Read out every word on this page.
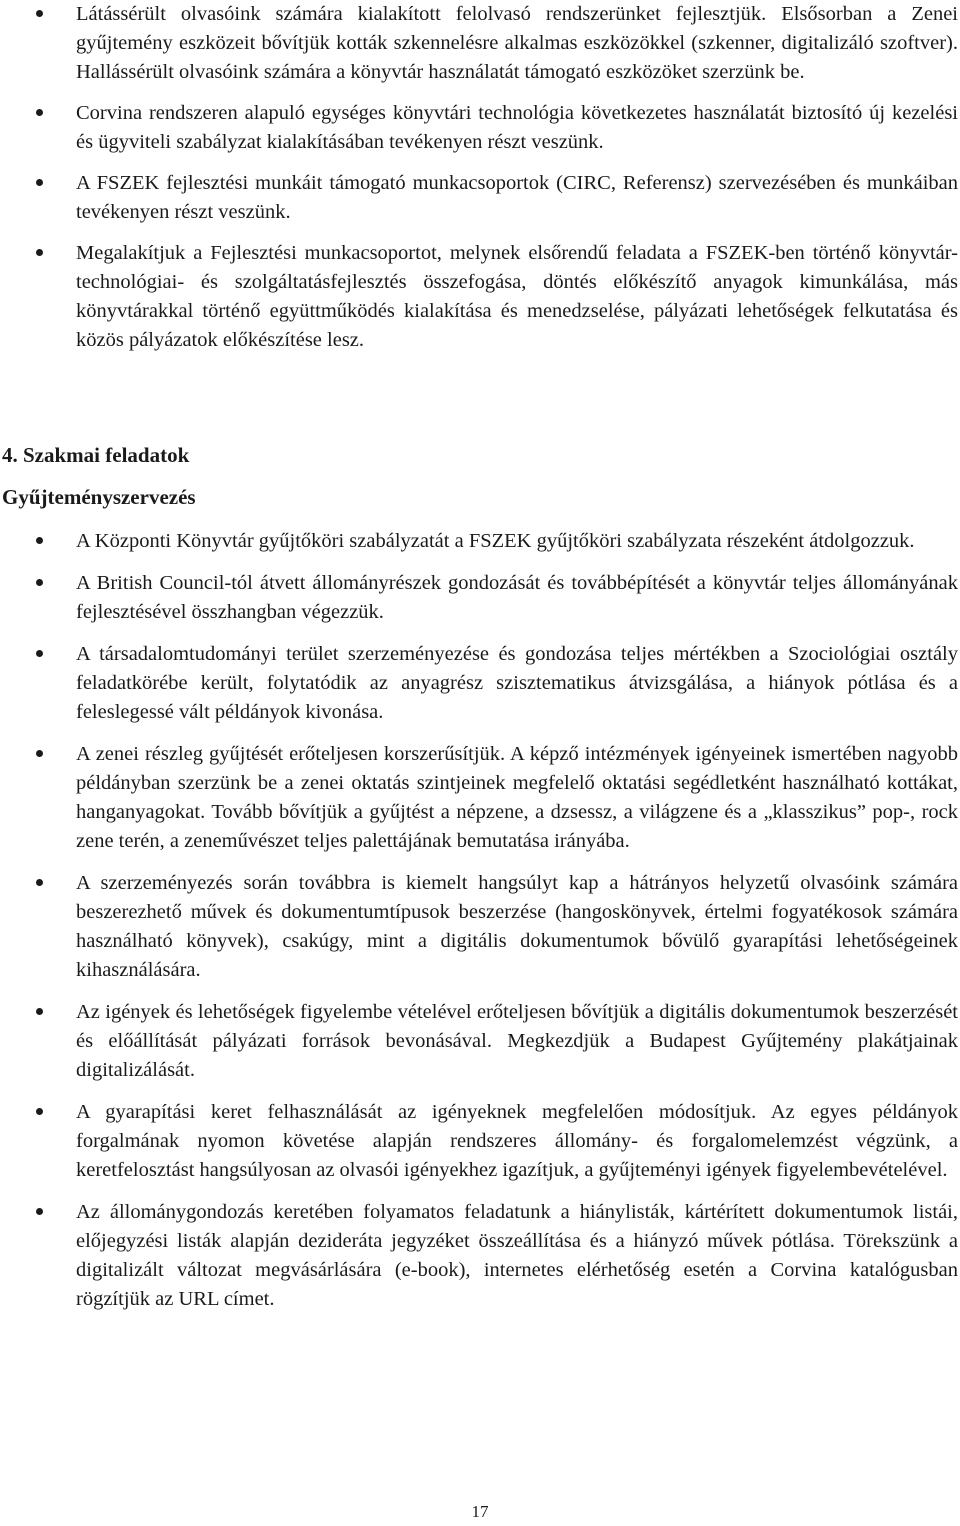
Látássérült olvasóink számára kialakított felolvasó rendszerünket fejlesztjük. Elsősorban a Zenei gyűjtemény eszközeit bővítjük kották szkennelésre alkalmas eszközökkel (szkenner, digitalizáló szoftver). Hallássérült olvasóink számára a könyvtár használatát támogató eszközöket szerzünk be.
Corvina rendszeren alapuló egységes könyvtári technológia következetes használatát biztosító új kezelési és ügyviteli szabályzat kialakításában tevékenyen részt veszünk.
A FSZEK fejlesztési munkáit támogató munkacsoportok (CIRC, Referensz) szervezésében és munkáiban tevékenyen részt veszünk.
Megalakítjuk a Fejlesztési munkacsoportot, melynek elsőrendű feladata a FSZEK-ben történő könyvtár-technológiai- és szolgáltatásfejlesztés összefogása, döntés előkészítő anyagok kimunkálása, más könyvtárakkal történő együttműködés kialakítása és menedzselése, pályázati lehetőségek felkutatása és közös pályázatok előkészítése lesz.
4. Szakmai feladatok
Gyűjteményszervezés
A Központi Könyvtár gyűjtőköri szabályzatát a FSZEK gyűjtőköri szabályzata részeként átdolgozzuk.
A British Council-tól átvett állományrészek gondozását és továbbépítését a könyvtár teljes állományának fejlesztésével összhangban végezzük.
A társadalomtudományi terület szerzeményezése és gondozása teljes mértékben a Szociológiai osztály feladatkörébe került, folytatódik az anyagrész szisztematikus átvizsgálása, a hiányok pótlása és a feleslegessé vált példányok kivonása.
A zenei részleg gyűjtését erőteljesen korszerűsítjük. A képző intézmények igényeinek ismertében nagyobb példányban szerzünk be a zenei oktatás szintjeinek megfelelő oktatási segédletként használható kottákat, hanganyagokat. Tovább bővítjük a gyűjtést a népzene, a dzsessz, a világzene és a „klasszikus” pop-, rock zene terén, a zeneművészet teljes palettájának bemutatása irányába.
A szerzeményezés során továbbra is kiemelt hangsúlyt kap a hátrányos helyzetű olvasóink számára beszerezhető művek és dokumentumtípusok beszerzése (hangoskönyvek, értelmi fogyatékosok számára használható könyvek), csakúgy, mint a digitális dokumentumok bővülő gyarapítási lehetőségeinek kihasználására.
Az igények és lehetőségek figyelembe vételével erőteljesen bővítjük a digitális dokumentumok beszerzését és előállítását pályázati források bevonásával. Megkezdjük a Budapest Gyűjtemény plakátjainak digitalizálását.
A gyarapítási keret felhasználását az igényeknek megfelelően módosítjuk. Az egyes példányok forgalmának nyomon követése alapján rendszeres állomány- és forgalomelemzést végzünk, a keretfelosztást hangsúlyosan az olvasói igényekhez igazítjuk, a gyűjteményi igények figyelembevételével.
Az állománygondozás keretében folyamatos feladatunk a hiánylisták, kártérített dokumentumok listái, előjegyzési listák alapján dezideráta jegyzéket összeállítása és a hiányzó művek pótlása. Törekszünk a digitalizált változat megvásárlására (e-book), internetes elérhetőség esetén a Corvina katalógusban rögzítjük az URL címet.
17
